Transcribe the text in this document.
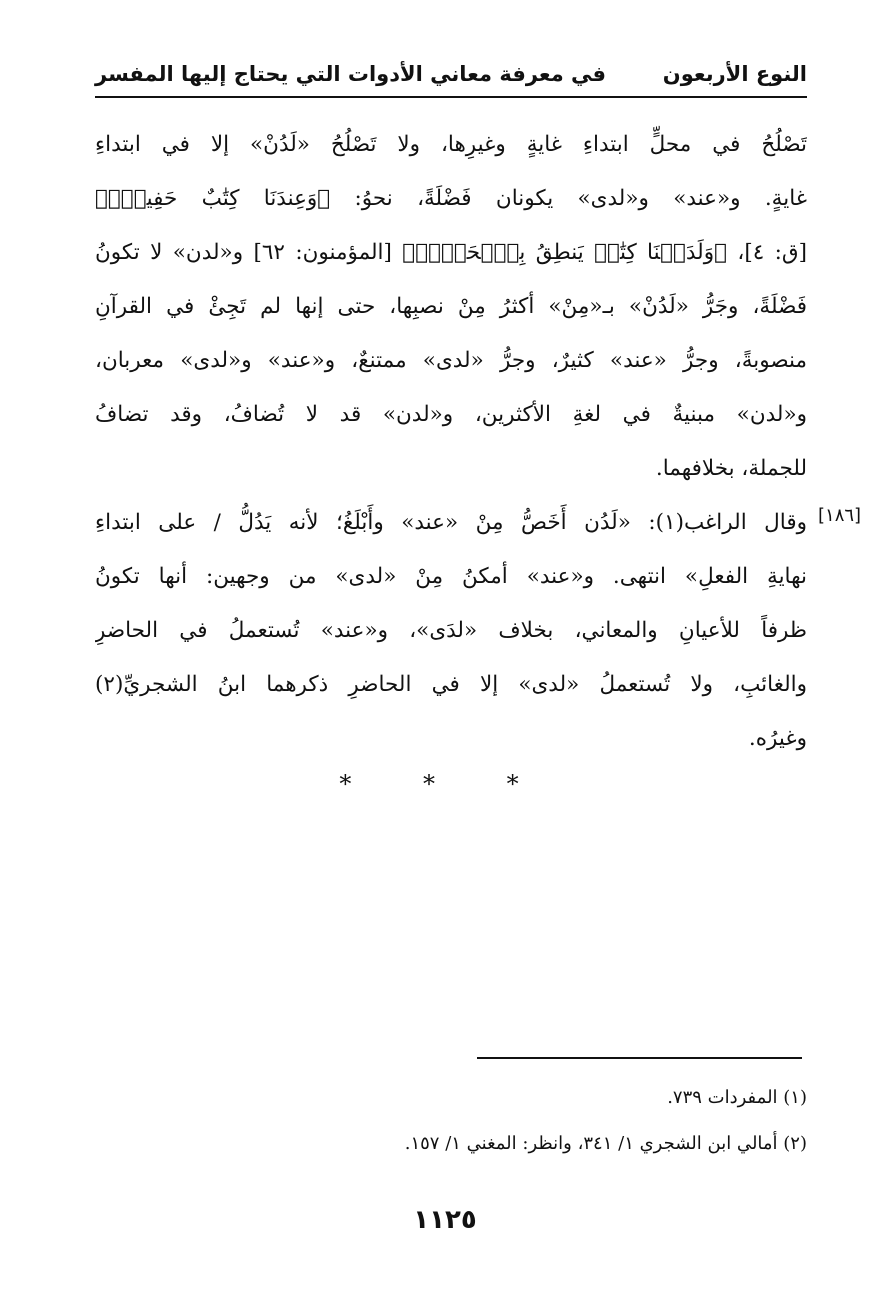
النوع الأربعون
في معرفة معاني الأدوات التي يحتاج إليها المفسر
تَصْلُحُ في محلٍّ ابتداءِ غايةٍ وغيرِها، ولا تَصْلُحُ «لَدُنْ» إلا في ابتداءِ
غايةٍ. و«عند» و«لدى» يكونان فَضْلَةً، نحوُ: ﴿وَعِندَنَا كِتَٰبٌ حَفِيظٌۢ﴾
[ق: ٤]، ﴿وَلَدَيۡنَا كِتَٰبٞ يَنطِقُ بِٱلۡحَقِّۚ﴾ [المؤمنون: ٦٢] و«لدن» لا تكونُ
فَضْلَةً، وجَرُّ «لَدُنْ» بـ«مِنْ» أكثرُ مِنْ نصبِها، حتى إنها لم تَجِئْ في القرآنِ
منصوبةً، وجرُّ «عند» كثيرٌ، وجرُّ «لدى» ممتنعٌ، و«عند» و«لدى» معربان،
و«لدن» مبنيةٌ في لغةِ الأكثرين، و«لدن» قد لا تُضافُ، وقد تضافُ
للجملة، بخلافهما.
وقال الراغب(١): «لَدُن أَخَصُّ مِنْ «عند» وأَبْلَغُ؛ لأنه يَدُلُّ / على ابتداءِ
نهايةِ الفعلِ» انتهى. و«عند» أمكنُ مِنْ «لدى» من وجهين: أنها تكونُ
ظرفاً للأعيانِ والمعاني، بخلاف «لدَى»، و«عند» تُستعملُ في الحاضرِ
والغائبِ، ولا تُستعملُ «لدى» إلا في الحاضرِ ذكرهما ابنُ الشجريِّ(٢)
وغيرُه.
[١٨٦]
* * *
(١) المفردات ٧٣٩.
(٢) أمالي ابن الشجري ١/ ٣٤١، وانظر: المغني ١/ ١٥٧.
١١٢٥
